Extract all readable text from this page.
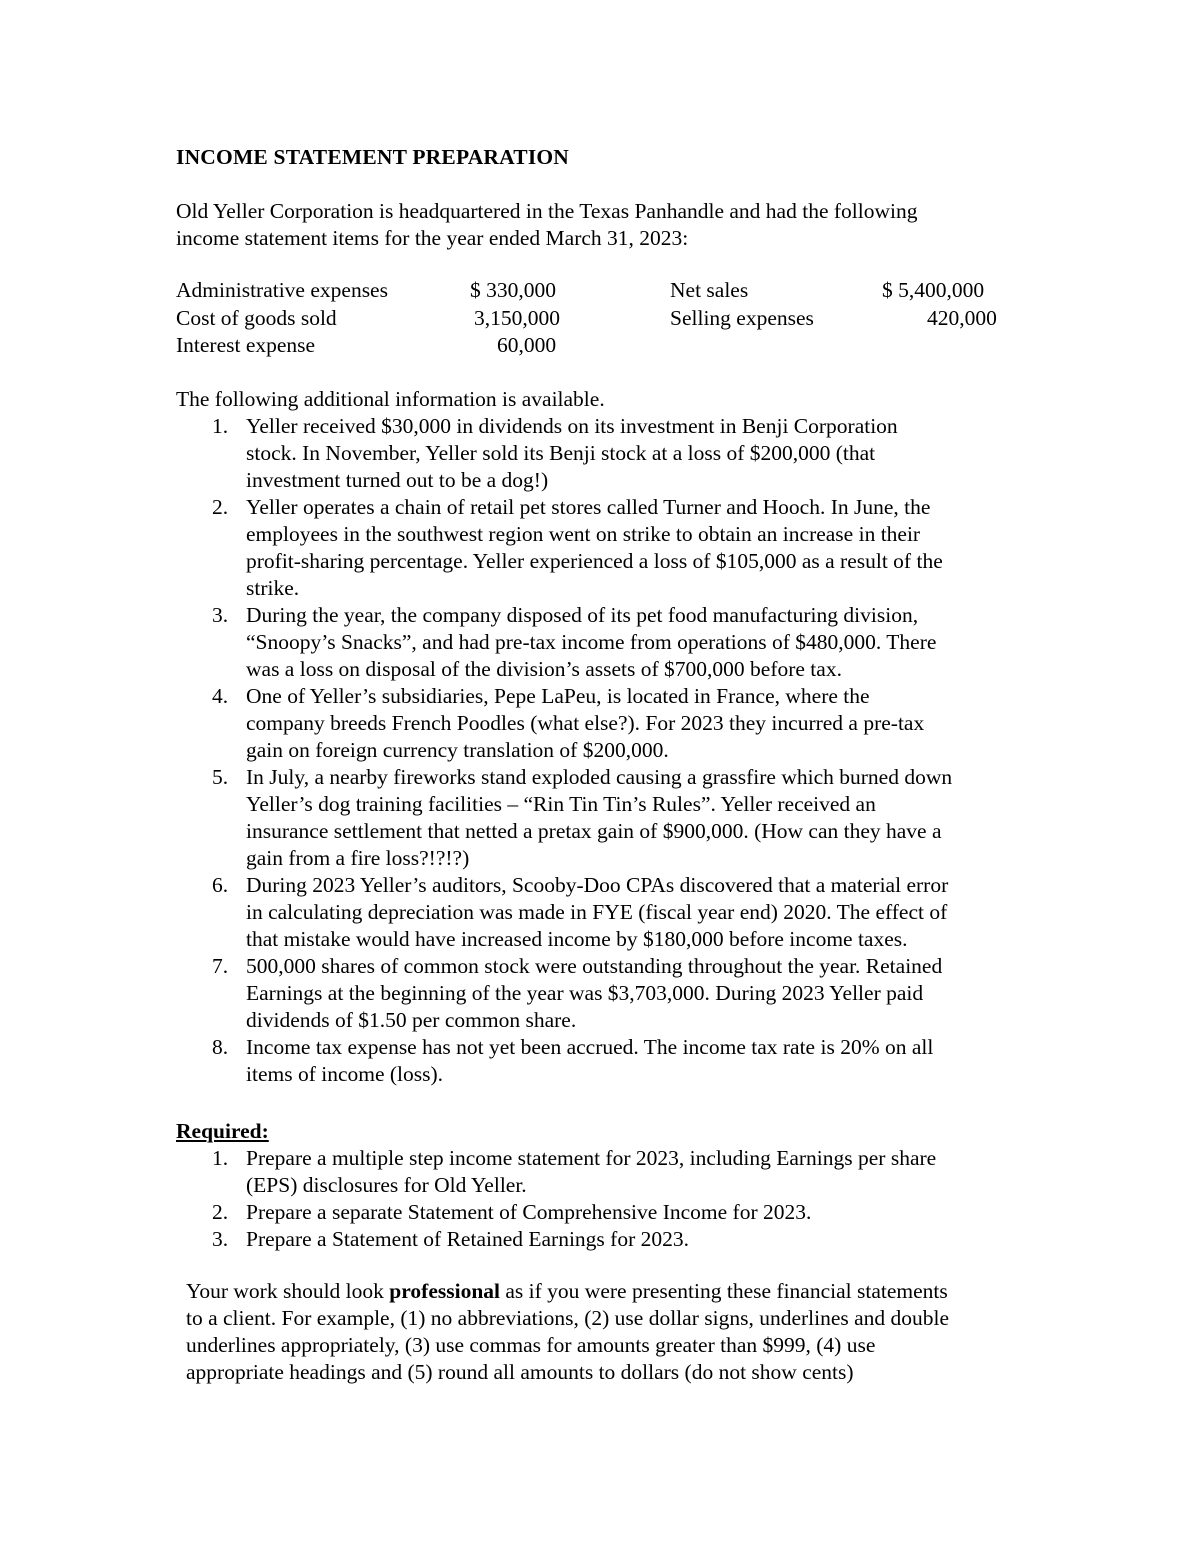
INCOME STATEMENT PREPARATION

Old Yeller Corporation is headquartered in the Texas Panhandle and had the following

income statement items for the year ended March 31, 2023:

Administrative expenses	$ 330,000	Net sales	$ 5,400,000
Cost of goods sold	3,150,000	Selling expenses	420,000
Interest expense	60,000

The following additional information is available.

1. Yeller received $30,000 in dividends on its investment in Benji Corporation
stock. In November, Yeller sold its Benji stock at a loss of $200,000 (that
investment turned out to be a dog!)
2. Yeller operates a chain of retail pet stores called Turner and Hooch. In June, the
employees in the southwest region went on strike to obtain an increase in their
profit-sharing percentage. Yeller experienced a loss of $105,000 as a result of the
strike.
3. During the year, the company disposed of its pet food manufacturing division,
“Snoopy’s Snacks”, and had pre-tax income from operations of $480,000. There
was a loss on disposal of the division’s assets of $700,000 before tax.
4. One of Yeller’s subsidiaries, Pepe LaPeu, is located in France, where the
company breeds French Poodles (what else?). For 2023 they incurred a pre-tax
gain on foreign currency translation of $200,000.
5. In July, a nearby fireworks stand exploded causing a grassfire which burned down
Yeller’s dog training facilities – “Rin Tin Tin’s Rules”. Yeller received an
insurance settlement that netted a pretax gain of $900,000. (How can they have a
gain from a fire loss?!?!?)
6. During 2023 Yeller’s auditors, Scooby-Doo CPAs discovered that a material error
in calculating depreciation was made in FYE (fiscal year end) 2020. The effect of
that mistake would have increased income by $180,000 before income taxes.
7. 500,000 shares of common stock were outstanding throughout the year. Retained
Earnings at the beginning of the year was $3,703,000. During 2023 Yeller paid
dividends of $1.50 per common share.
8. Income tax expense has not yet been accrued. The income tax rate is 20% on all
items of income (loss).
Required:
1. Prepare a multiple step income statement for 2023, including Earnings per share
(EPS) disclosures for Old Yeller.
2. Prepare a separate Statement of Comprehensive Income for 2023.
3. Prepare a Statement of Retained Earnings for 2023.

Your work should look professional as if you were presenting these financial statements

to a client. For example, (1) no abbreviations, (2) use dollar signs, underlines and double

underlines appropriately, (3) use commas for amounts greater than $999, (4) use

appropriate headings and (5) round all amounts to dollars (do not show cents)
